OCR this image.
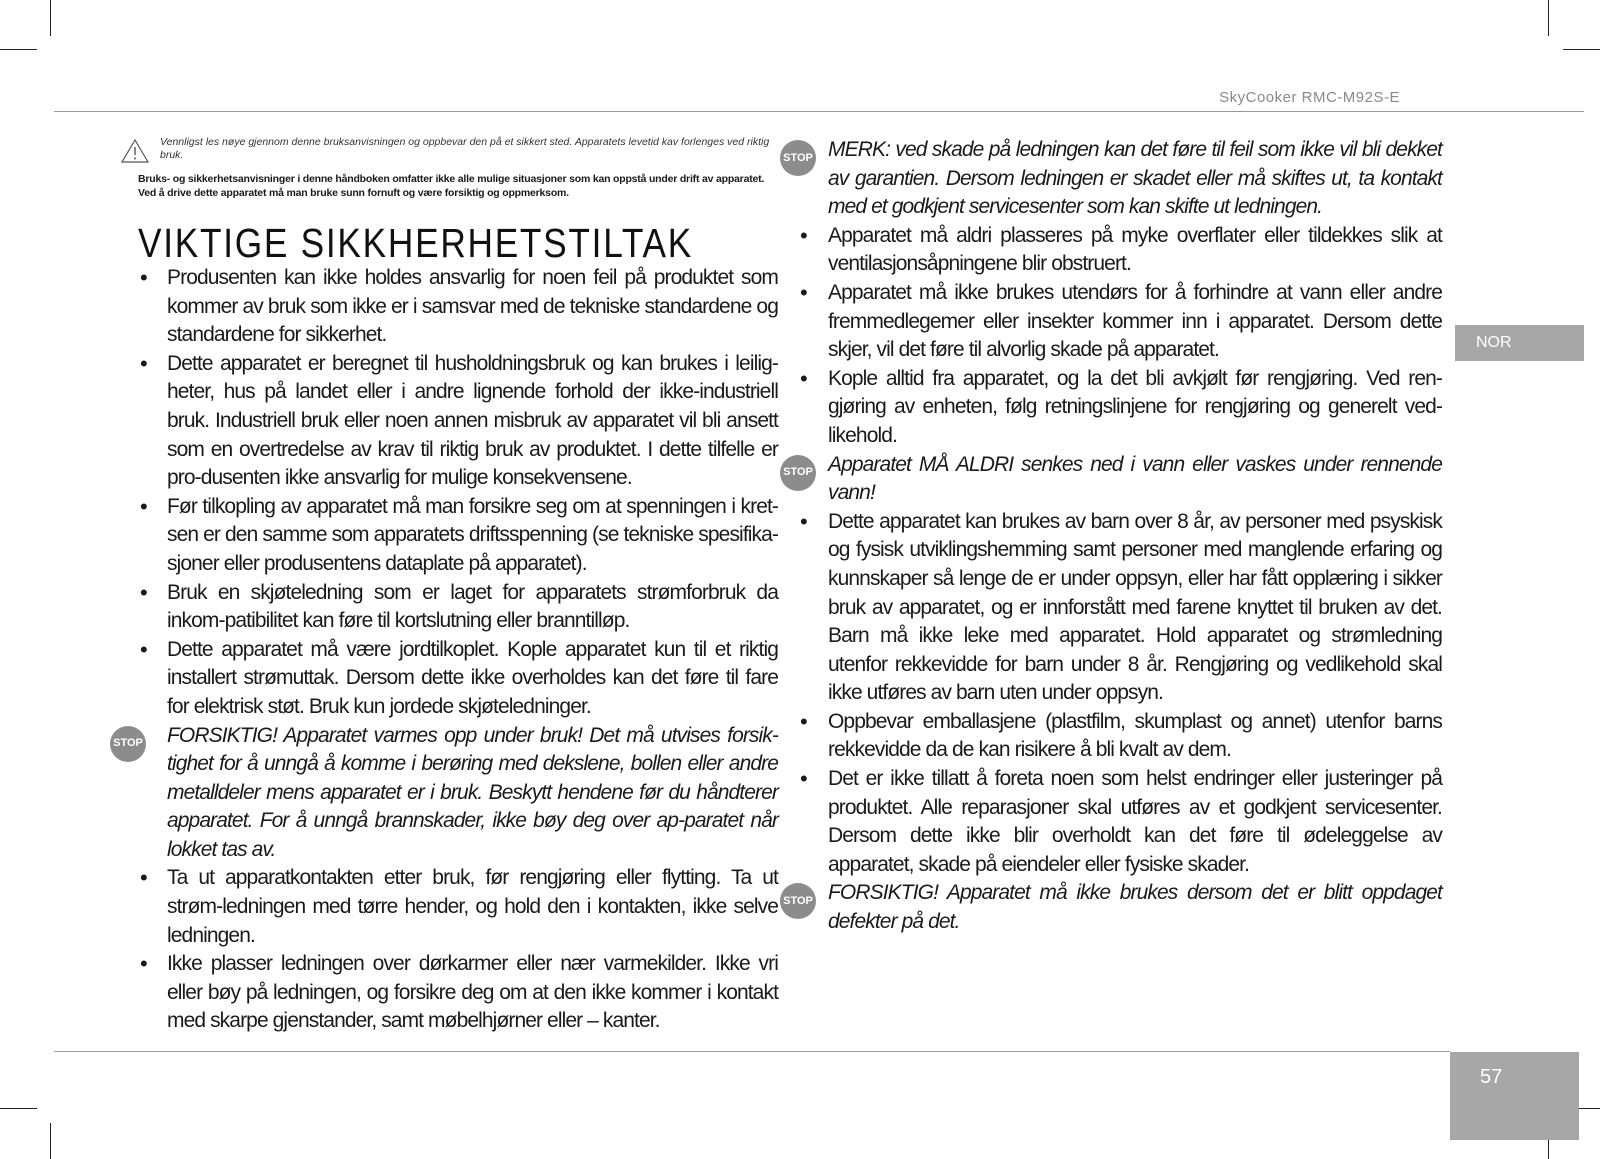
SkyCooker RMC-M92S-E
Vennligst les nøye gjennom denne bruksanvisningen og oppbevar den på et sikkert sted. Apparatets levetid kav forlenges ved riktig bruk.
Bruks- og sikkerhetsanvisninger i denne håndboken omfatter ikke alle mulige situasjoner som kan oppstå under drift av apparatet. Ved å drive dette apparatet må man bruke sunn fornuft og være forsiktig og oppmerksom.
VIKTIGE SIKKHERHETSTILTAK
• Produsenten kan ikke holdes ansvarlig for noen feil på produktet som kommer av bruk som ikke er i samsvar med de tekniske standardene og standardene for sikkerhet.
• Dette apparatet er beregnet til husholdningsbruk og kan brukes i leilig-heter, hus på landet eller i andre lignende forhold der ikke-industriell bruk. Industriell bruk eller noen annen misbruk av apparatet vil bli ansett som en overtredelse av krav til riktig bruk av produktet. I dette tilfelle er pro-dusenten ikke ansvarlig for mulige konsekvensene.
• Før tilkopling av apparatet må man forsikre seg om at spenningen i kret-sen er den samme som apparatets driftsspenning (se tekniske spesifika-sjoner eller produsentens dataplate på apparatet).
• Bruk en skjøteledning som er laget for apparatets strømforbruk da inkom-patibilitet kan føre til kortslutning eller branntilløp.
• Dette apparatet må være jordtilkoplet. Kople apparatet kun til et riktig installert strømuttak. Dersom dette ikke overholdes kan det føre til fare for elektrisk støt. Bruk kun jordede skjøteledninger.
STOP FORSIKTIG! Apparatet varmes opp under bruk! Det må utvises forsik-tighet for å unngå å komme i berøring med dekslene, bollen eller andre metalldeler mens apparatet er i bruk. Beskytt hendene før du håndterer apparatet. For å unngå brannskader, ikke bøy deg over ap-paratet når lokket tas av.
• Ta ut apparatkontakten etter bruk, før rengjøring eller flytting. Ta ut strøm-ledningen med tørre hender, og hold den i kontakten, ikke selve ledningen.
• Ikke plasser ledningen over dørkarmer eller nær varmekilder. Ikke vri eller bøy på ledningen, og forsikre deg om at den ikke kommer i kontakt med skarpe gjenstander, samt møbelhjørner eller – kanter.
STOP MERK: ved skade på ledningen kan det føre til feil som ikke vil bli dekket av garantien. Dersom ledningen er skadet eller må skiftes ut, ta kontakt med et godkjent servicesenter som kan skifte ut ledningen.
• Apparatet må aldri plasseres på myke overflater eller tildekkes slik at ventilasjonsåpningene blir obstruert.
• Apparatet må ikke brukes utendørs for å forhindre at vann eller andre fremmedlegemer eller insekter kommer inn i apparatet. Dersom dette skjer, vil det føre til alvorlig skade på apparatet.
• Kople alltid fra apparatet, og la det bli avkjølt før rengjøring. Ved ren-gjøring av enheten, følg retningslinjene for rengjøring og generelt ved-likehold.
STOP Apparatet MÅ ALDRI senkes ned i vann eller vaskes under rennende vann!
• Dette apparatet kan brukes av barn over 8 år, av personer med psyskisk og fysisk utviklingshemming samt personer med manglende erfaring og kunnskaper så lenge de er under oppsyn, eller har fått opplæring i sikker bruk av apparatet, og er innforstått med farene knyttet til bruken av det. Barn må ikke leke med apparatet. Hold apparatet og strømledning utenfor rekkevidde for barn under 8 år. Rengjøring og vedlikehold skal ikke utføres av barn uten under oppsyn.
• Oppbevar emballasjene (plastfilm, skumplast og annet) utenfor barns rekkevidde da de kan risikere å bli kvalt av dem.
• Det er ikke tillatt å foreta noen som helst endringer eller justeringer på produktet. Alle reparasjoner skal utføres av et godkjent servicesenter. Dersom dette ikke blir overholdt kan det føre til ødeleggelse av apparatet, skade på eiendeler eller fysiske skader.
STOP FORSIKTIG! Apparatet må ikke brukes dersom det er blitt oppdaget defekter på det.
NOR
57
